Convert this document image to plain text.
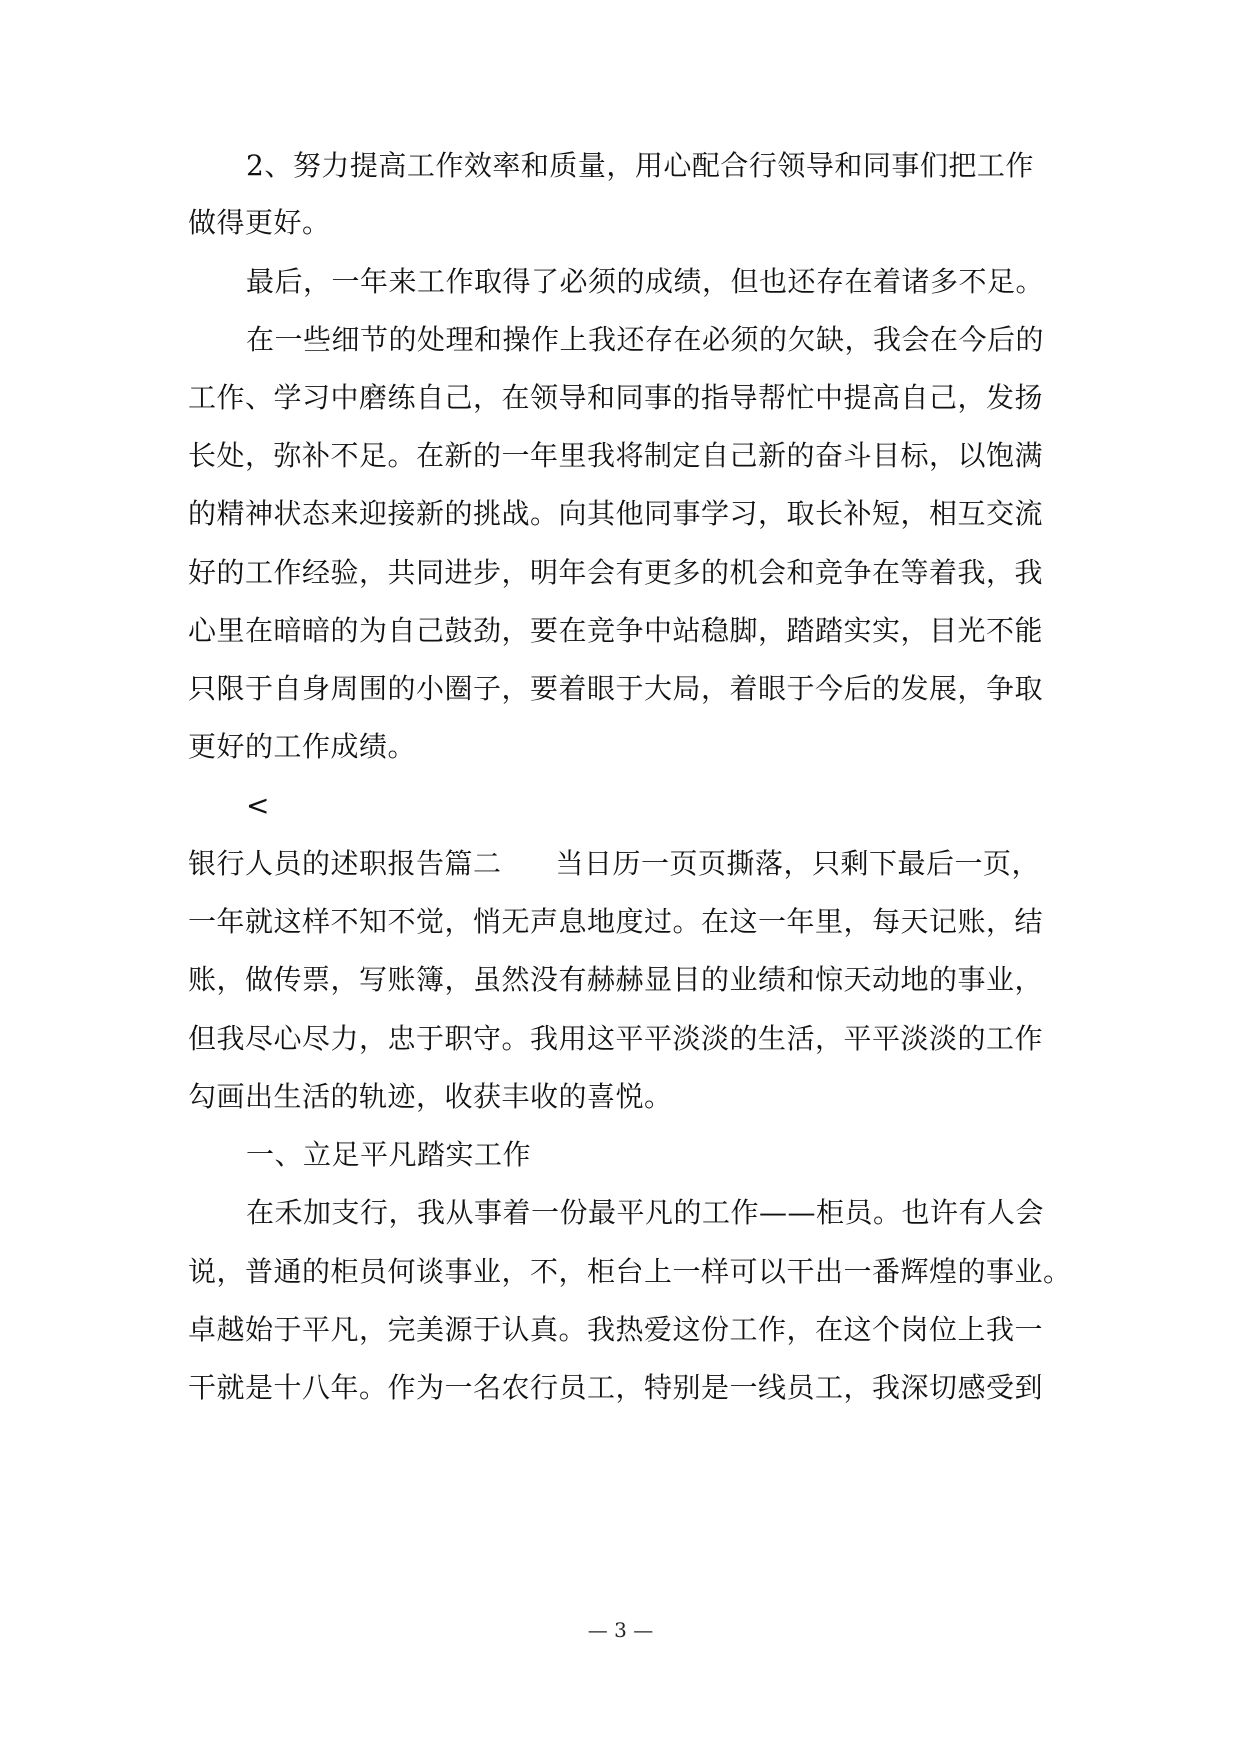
2、努力提高工作效率和质量，用心配合行领导和同事们把工作
做得更好。
最后，一年来工作取得了必须的成绩，但也还存在着诸多不足。
在一些细节的处理和操作上我还存在必须的欠缺，我会在今后的
工作、学习中磨练自己，在领导和同事的指导帮忙中提高自己，发扬
长处，弥补不足。在新的一年里我将制定自己新的奋斗目标，以饱满
的精神状态来迎接新的挑战。向其他同事学习，取长补短，相互交流
好的工作经验，共同进步，明年会有更多的机会和竞争在等着我，我
心里在暗暗的为自己鼓劲，要在竞争中站稳脚，踏踏实实，目光不能
只限于自身周围的小圈子，要着眼于大局，着眼于今后的发展，争取
更好的工作成绩。
<
银行人员的述职报告篇二 当日历一页页撕落，只剩下最后一页，
一年就这样不知不觉，悄无声息地度过。在这一年里，每天记账，结
账，做传票，写账簿，虽然没有赫赫显目的业绩和惊天动地的事业，
但我尽心尽力，忠于职守。我用这平平淡淡的生活，平平淡淡的工作
勾画出生活的轨迹，收获丰收的喜悦。
一、立足平凡踏实工作
在禾加支行，我从事着一份最平凡的工作——柜员。也许有人会
说，普通的柜员何谈事业，不，柜台上一样可以干出一番辉煌的事业。
卓越始于平凡，完美源于认真。我热爱这份工作，在这个岗位上我一
干就是十八年。作为一名农行员工，特别是一线员工，我深切感受到
— 3 —
